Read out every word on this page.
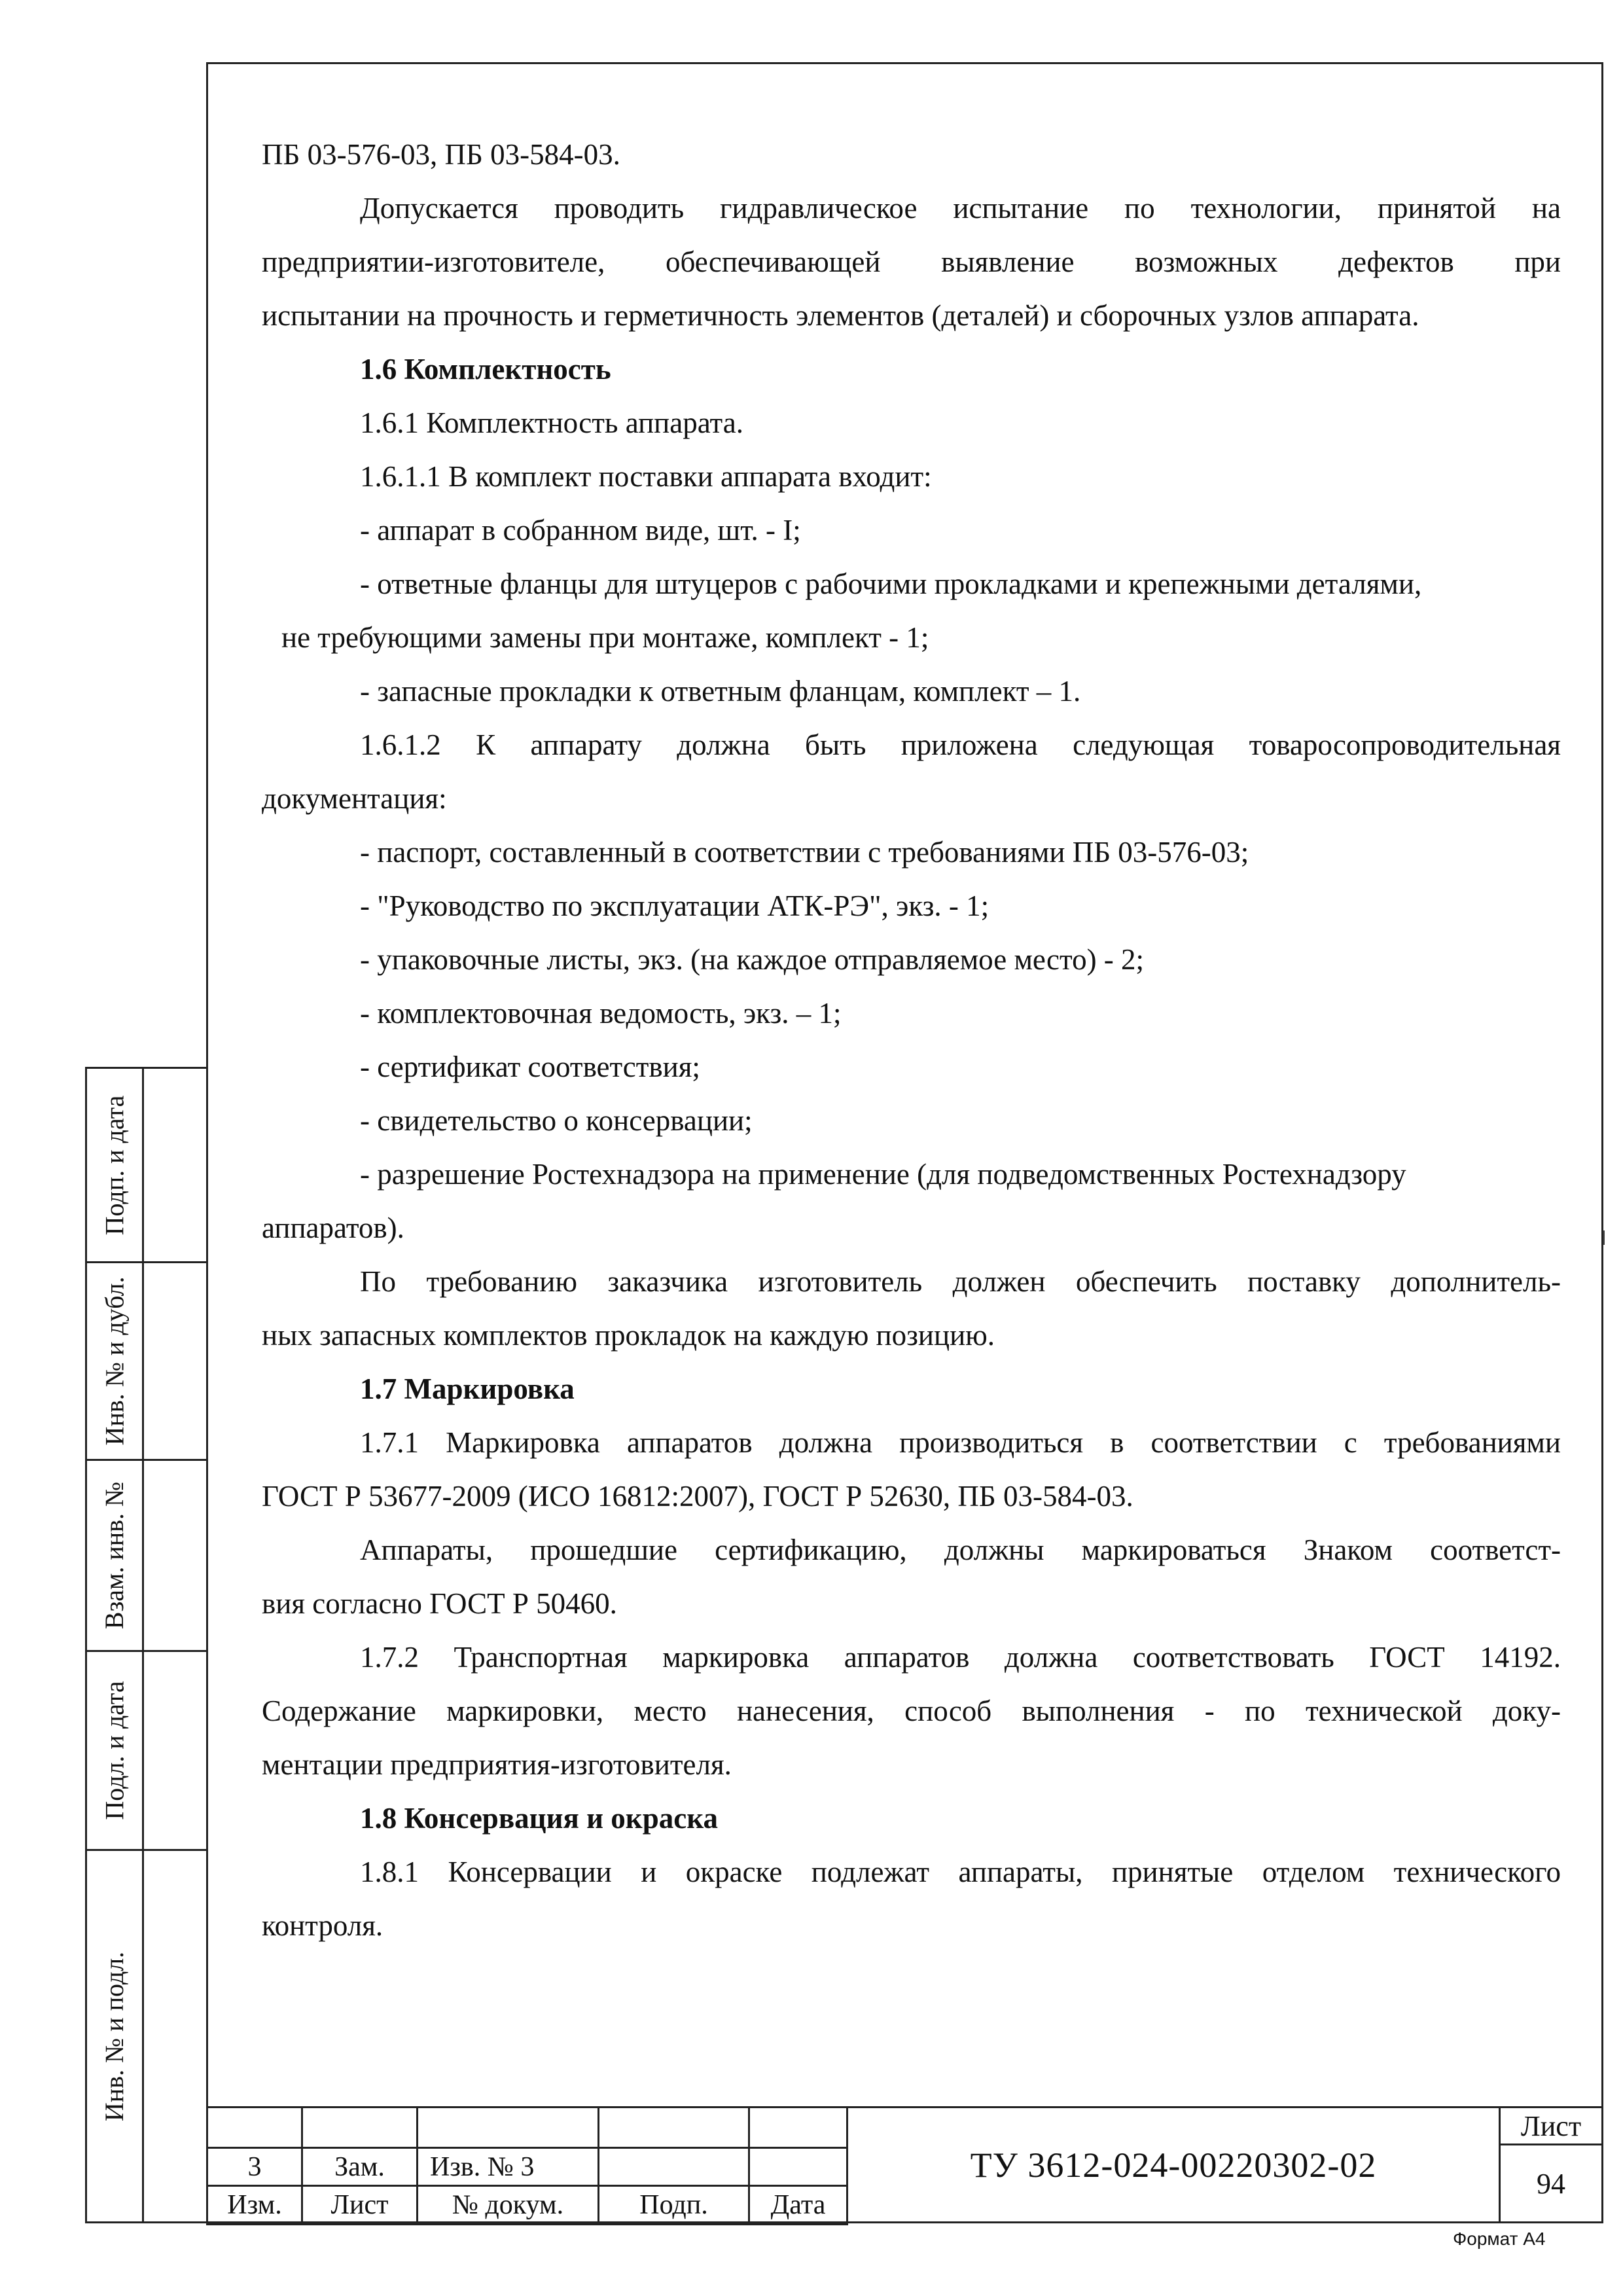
ПБ 03-576-03, ПБ 03-584-03.
Допускается проводить гидравлическое испытание по технологии, принятой на
предприятии-изготовителе, обеспечивающей выявление возможных дефектов при
испытании на прочность и герметичность элементов (деталей) и сборочных узлов аппарата.
1.6 Комплектность
1.6.1 Комплектность аппарата.
1.6.1.1 В комплект поставки аппарата входит:
- аппарат в собранном виде, шт. - I;
- ответные фланцы для штуцеров с рабочими прокладками и крепежными деталями,
не требующими замены при монтаже, комплект - 1;
- запасные прокладки к ответным фланцам, комплект – 1.
1.6.1.2 К аппарату должна быть приложена следующая товаросопроводительная
документация:
- паспорт, составленный в соответствии с требованиями ПБ 03-576-03;
- "Руководство по эксплуатации АТК-РЭ", экз. - 1;
- упаковочные листы, экз. (на каждое отправляемое место) - 2;
- комплектовочная ведомость, экз. – 1;
- сертификат соответствия;
- свидетельство о консервации;
- разрешение Ростехнадзора на применение (для подведомственных Ростехнадзору
аппаратов).
По требованию заказчика изготовитель должен обеспечить поставку дополнитель-
ных запасных комплектов прокладок на каждую позицию.
1.7 Маркировка
1.7.1 Маркировка аппаратов должна производиться в соответствии с требованиями
ГОСТ Р 53677-2009 (ИСО 16812:2007), ГОСТ Р 52630, ПБ 03-584-03.
Аппараты, прошедшие сертификацию, должны маркироваться Знаком соответст-
вия согласно ГОСТ Р 50460.
1.7.2 Транспортная маркировка аппаратов должна соответствовать ГОСТ 14192.
Содержание маркировки, место нанесения, способ выполнения - по технической доку-
ментации предприятия-изготовителя.
1.8 Консервация и окраска
1.8.1 Консервации и окраске подлежат аппараты, принятые отделом технического
контроля.
Подп. и дата
Инв. № и дубл.
Взам. инв. №
Подл. и дата
Инв. № и подл.

3	Зам.	Изв. № 3		
Изм.	Лист	№ докум.	Подп.	Дата
ТУ 3612-024-00220302-02
Лист
94
Формат А4
